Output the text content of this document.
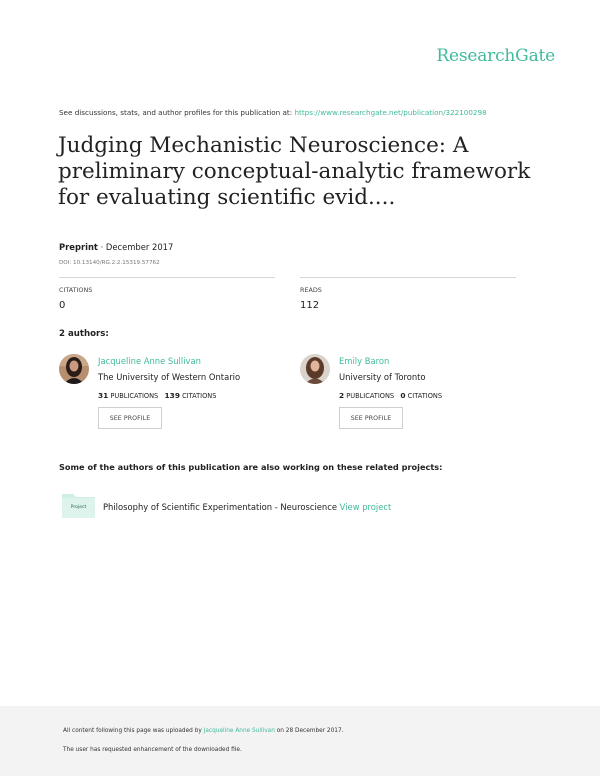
ResearchGate
See discussions, stats, and author profiles for this publication at: https://www.researchgate.net/publication/322100298
Judging Mechanistic Neuroscience: A preliminary conceptual-analytic framework for evaluating scientific evid....
Preprint · December 2017
DOI: 10.13140/RG.2.2.15319.57762
CITATIONS
0
READS
112
2 authors:
Jacqueline Anne Sullivan
The University of Western Ontario
31 PUBLICATIONS 139 CITATIONS
SEE PROFILE
Emily Baron
University of Toronto
2 PUBLICATIONS 0 CITATIONS
SEE PROFILE
Some of the authors of this publication are also working on these related projects:
Project	Philosophy of Scientific Experimentation - Neuroscience View project
All content following this page was uploaded by Jacqueline Anne Sullivan on 28 December 2017.
The user has requested enhancement of the downloaded file.
